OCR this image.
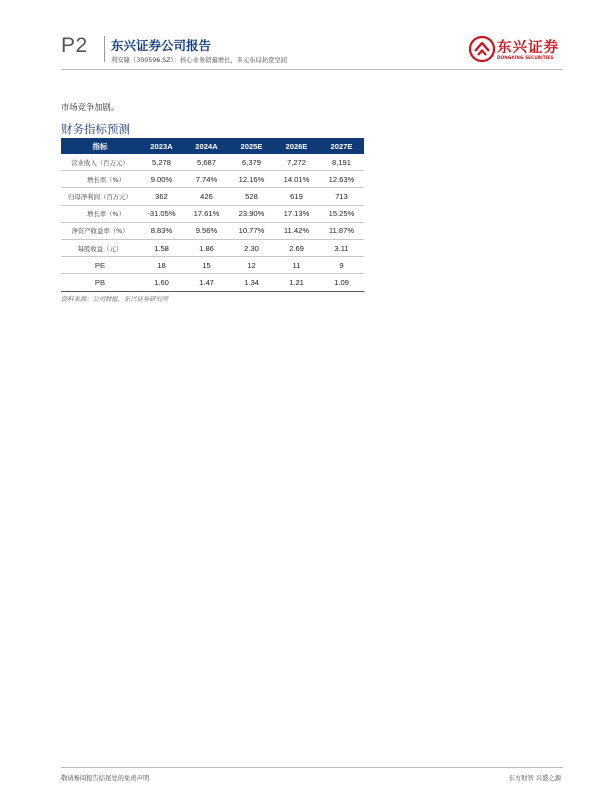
P2 东兴证券公司报告
利安隆（300596.SZ）：核心业务销量增长，多元布局拓宽空间
东兴证券
DONGXING SECURITIES
市场竞争加剧。
财务指标预测
指标	2023A	2024A	2025E	2026E	2027E
营业收入（百万元）	5,278	5,687	6,379	7,272	8,191
增长率（%）	9.00%	7.74%	12.16%	14.01%	12.63%
归母净利润（百万元）	362	426	528	619	713
增长率（%）	-31.05%	17.61%	23.90%	17.13%	15.25%
净资产收益率（%）	8.83%	9.56%	10.77%	11.42%	11.87%
每股收益（元）	1.58	1.86	2.30	2.69	3.11
PE	18	15	12	11	9
PB	1.60	1.47	1.34	1.21	1.09
资料来源：公司财报，东兴证券研究所
敬请参阅报告结尾处的免责声明	东方财智 兴盛之源
